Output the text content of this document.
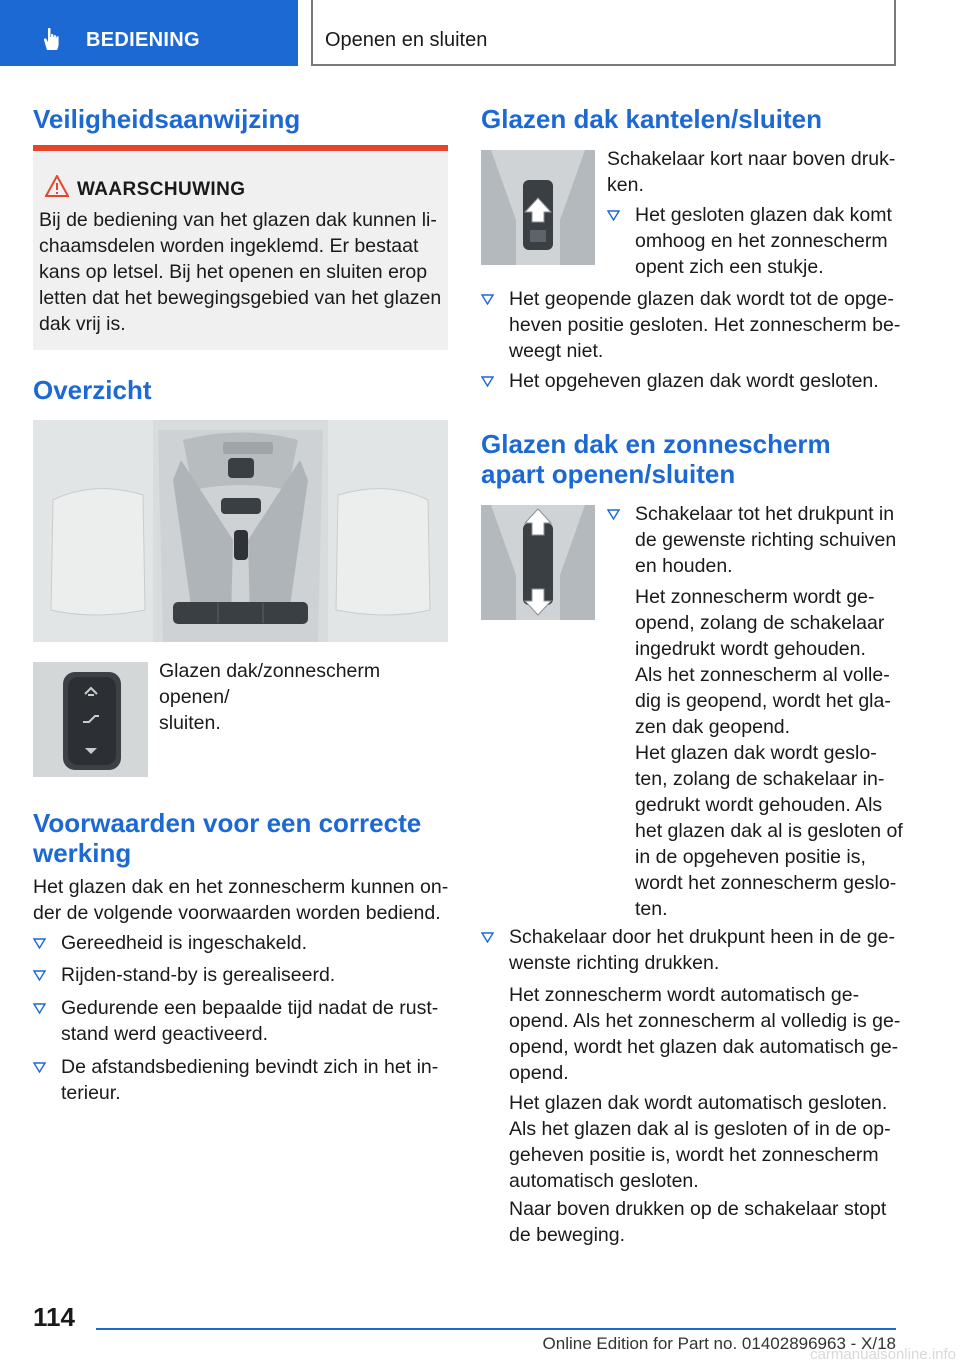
BEDIENING	Openen en sluiten
Veiligheidsaanwijzing
WAARSCHUWING
Bij de bediening van het glazen dak kunnen li-
chaamsdelen worden ingeklemd. Er bestaat
kans op letsel. Bij het openen en sluiten erop
letten dat het bewegingsgebied van het glazen
dak vrij is.
Overzicht
Glazen dak/zonnescherm openen/
sluiten.
Voorwaarden voor een correcte
werking
Het glazen dak en het zonnescherm kunnen on-
der de volgende voorwaarden worden bediend.
Gereedheid is ingeschakeld.
Rijden-stand-by is gerealiseerd.
Gedurende een bepaalde tijd nadat de rust-
stand werd geactiveerd.
De afstandsbediening bevindt zich in het in-
terieur.
Glazen dak kantelen/sluiten
Schakelaar kort naar boven druk-
ken.
Het gesloten glazen dak komt
omhoog en het zonnescherm
opent zich een stukje.
Het geopende glazen dak wordt tot de opge-
heven positie gesloten. Het zonnescherm be-
weegt niet.
Het opgeheven glazen dak wordt gesloten.
Glazen dak en zonnescherm
apart openen/sluiten
Schakelaar tot het drukpunt in
de gewenste richting schuiven
en houden.
Het zonnescherm wordt ge-
opend, zolang de schakelaar
ingedrukt wordt gehouden.
Als het zonnescherm al volle-
dig is geopend, wordt het gla-
zen dak geopend.
Het glazen dak wordt geslo-
ten, zolang de schakelaar in-
gedrukt wordt gehouden. Als
het glazen dak al is gesloten of
in de opgeheven positie is,
wordt het zonnescherm geslo-
ten.
Schakelaar door het drukpunt heen in de ge-
wenste richting drukken.
Het zonnescherm wordt automatisch ge-
opend. Als het zonnescherm al volledig is ge-
opend, wordt het glazen dak automatisch ge-
opend.
Het glazen dak wordt automatisch gesloten.
Als het glazen dak al is gesloten of in de op-
geheven positie is, wordt het zonnescherm
automatisch gesloten.
Naar boven drukken op de schakelaar stopt
de beweging.
114
Online Edition for Part no. 01402896963 - X/18
carmanualsonline.info
